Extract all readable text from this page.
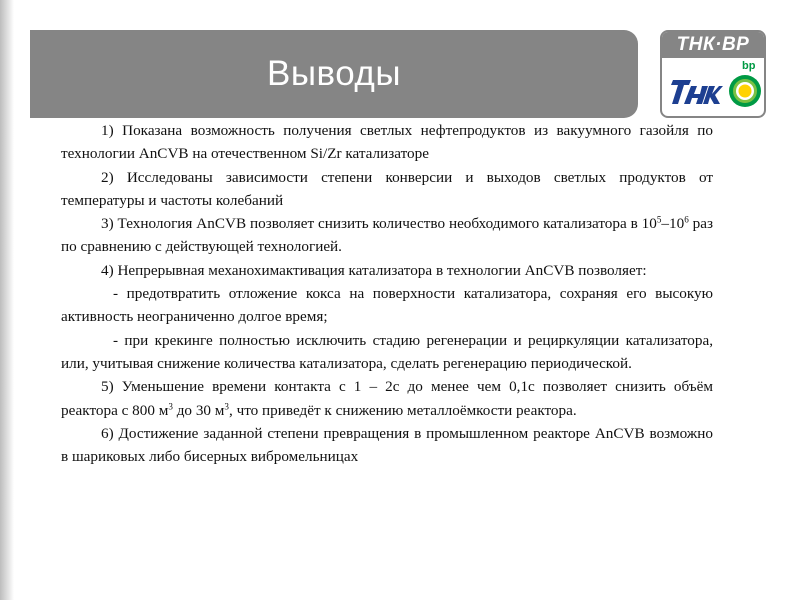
Выводы
ТНК·ВР
bp

1) Показана возможность получения светлых нефтепродуктов из вакуумного газойля по технологии AnCVB на отечественном Si/Zr катализаторе

2) Исследованы зависимости степени конверсии и выходов светлых продуктов от температуры и частоты колебаний

3) Технология AnCVB позволяет снизить количество необходимого катализатора в $10^5-10^6$ раз по сравнению с действующей технологией.

4) Непрерывная механохимактивация катализатора в технологии AnCVB позволяет:

- предотвратить отложение кокса на поверхности катализатора, сохраняя его высокую активность неограниченно долгое время;

- при крекинге полностью исключить стадию регенерации и рециркуляции катализатора, или, учитывая снижение количества катализатора, сделать регенерацию периодической.

5) Уменьшение времени контакта с 1 – 2с до менее чем 0,1с позволяет снизить объём реактора с 800 $м^3$ до 30 $м^3$, что приведёт к снижению металлоёмкости реактора.

6) Достижение заданной степени превращения в промышленном реакторе AnCVB возможно в шариковых либо бисерных вибромельницах
